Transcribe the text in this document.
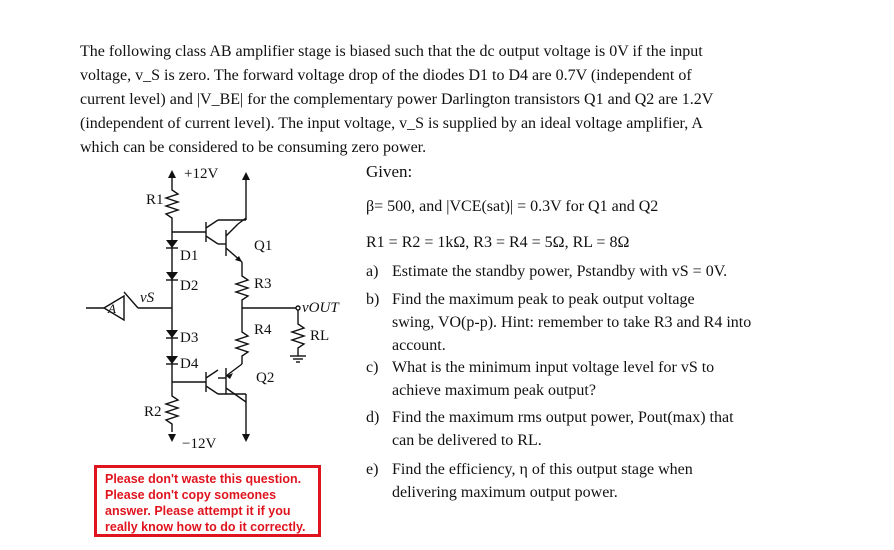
The following class AB amplifier stage is biased such that the dc output voltage is 0V if the input
voltage, v_S is zero. The forward voltage drop of the diodes D1 to D4 are 0.7V (independent of
current level) and |V_BE| for the complementary power Darlington transistors Q1 and Q2 are 1.2V
(independent of current level). The input voltage, v_S is supplied by an ideal voltage amplifier, A
which can be considered to be consuming zero power.
+12V
R1
D1
D2
D3
D4
Q1
R3
R4	RL
vOUT
Q2
R2
−12V
vS
A
Given:
β= 500, and |VCE(sat)| = 0.3V for Q1 and Q2
R1 = R2 = 1kΩ, R3 = R4 = 5Ω, RL = 8Ω
a) Estimate the standby power, Pstandby with vS = 0V.
b) Find the maximum peak to peak output voltage
swing, VO(p-p). Hint: remember to take R3 and R4 into
account.
c) What is the minimum input voltage level for vS to
achieve maximum peak output?
d) Find the maximum rms output power, Pout(max) that
can be delivered to RL.
e) Find the efficiency, η of this output stage when
delivering maximum output power.
Please don't waste this question.
Please don't copy someones
answer. Please attempt it if you
really know how to do it correctly.
